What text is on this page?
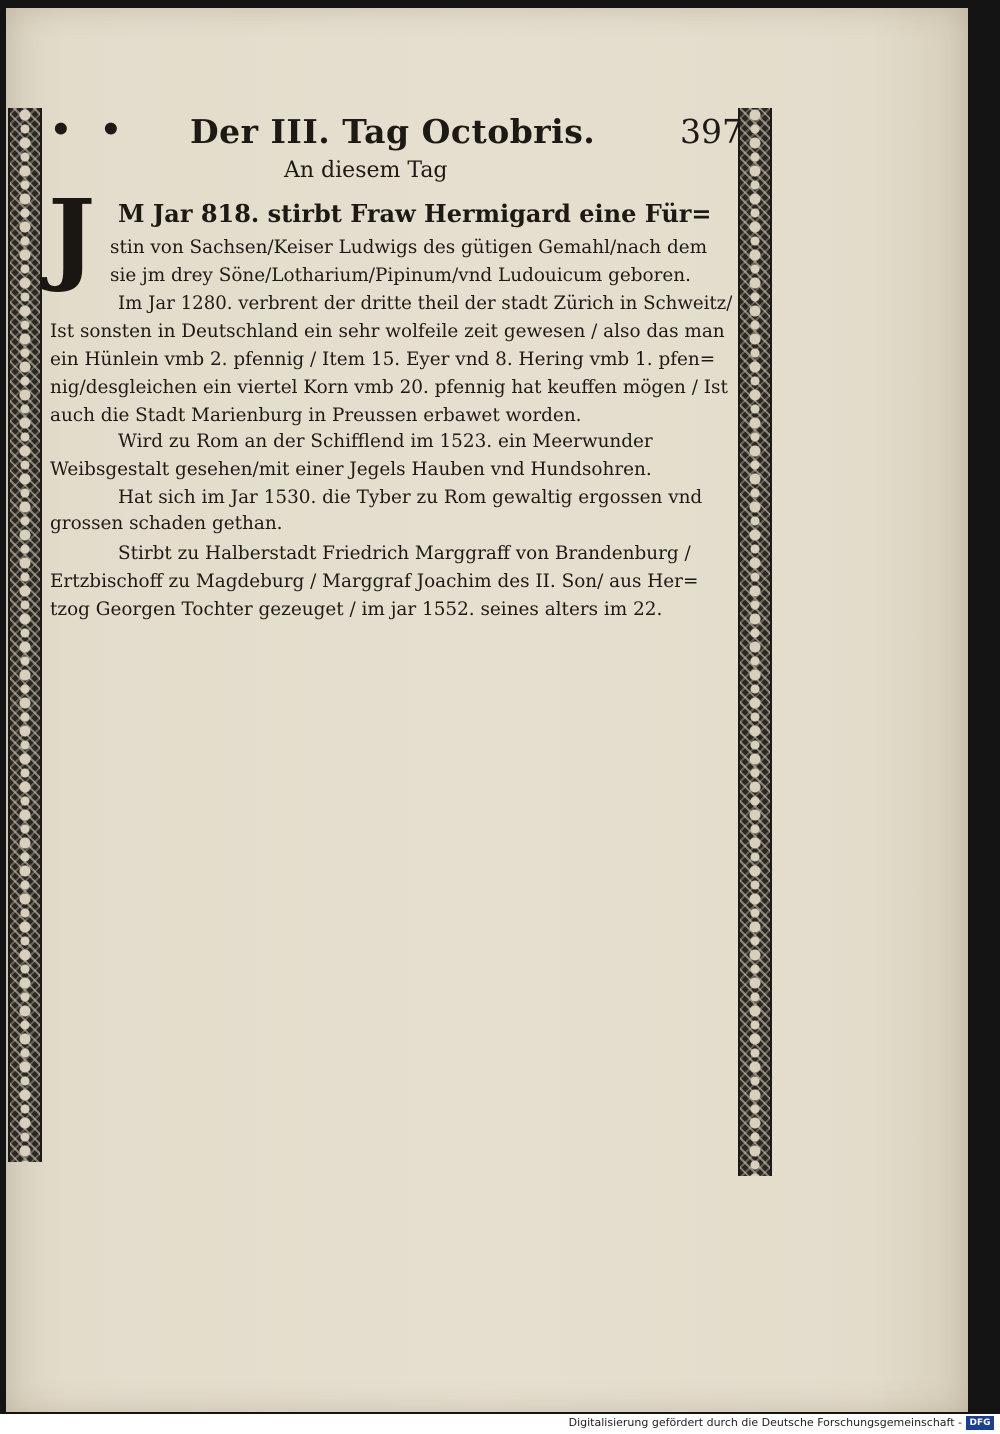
• • Der III. Tag Octobris.	397
An diesem Tag
J M Jar 818. stirbt Fraw Hermigard eine Für=
stin von Sachsen/Keiser Ludwigs des gütigen Gemahl/nach dem
sie jm drey Söne/Lotharium/Pipinum/vnd Ludouicum geboren.
Im Jar 1280. verbrent der dritte theil der stadt Zürich in Schweitz/
Ist sonsten in Deutschland ein sehr wolfeile zeit gewesen / also das man
ein Hünlein vmb 2. pfennig / Item 15. Eyer vnd 8. Hering vmb 1. pfen=
nig/desgleichen ein viertel Korn vmb 20. pfennig hat keuffen mögen / Ist
auch die Stadt Marienburg in Preussen erbawet worden.
Wird zu Rom an der Schifflend im 1523. ein Meerwunder
Weibsgestalt gesehen/mit einer Jegels Hauben vnd Hundsohren.
Hat sich im Jar 1530. die Tyber zu Rom gewaltig ergossen vnd
grossen schaden gethan.
Stirbt zu Halberstadt Friedrich Marggraff von Brandenburg /
Ertzbischoff zu Magdeburg / Marggraf Joachim des II. Son/ aus Her=
tzog Georgen Tochter gezeuget / im jar 1552. seines alters im 22.
Digitalisierung gefördert durch die Deutsche Forschungsgemeinschaft - DFG
